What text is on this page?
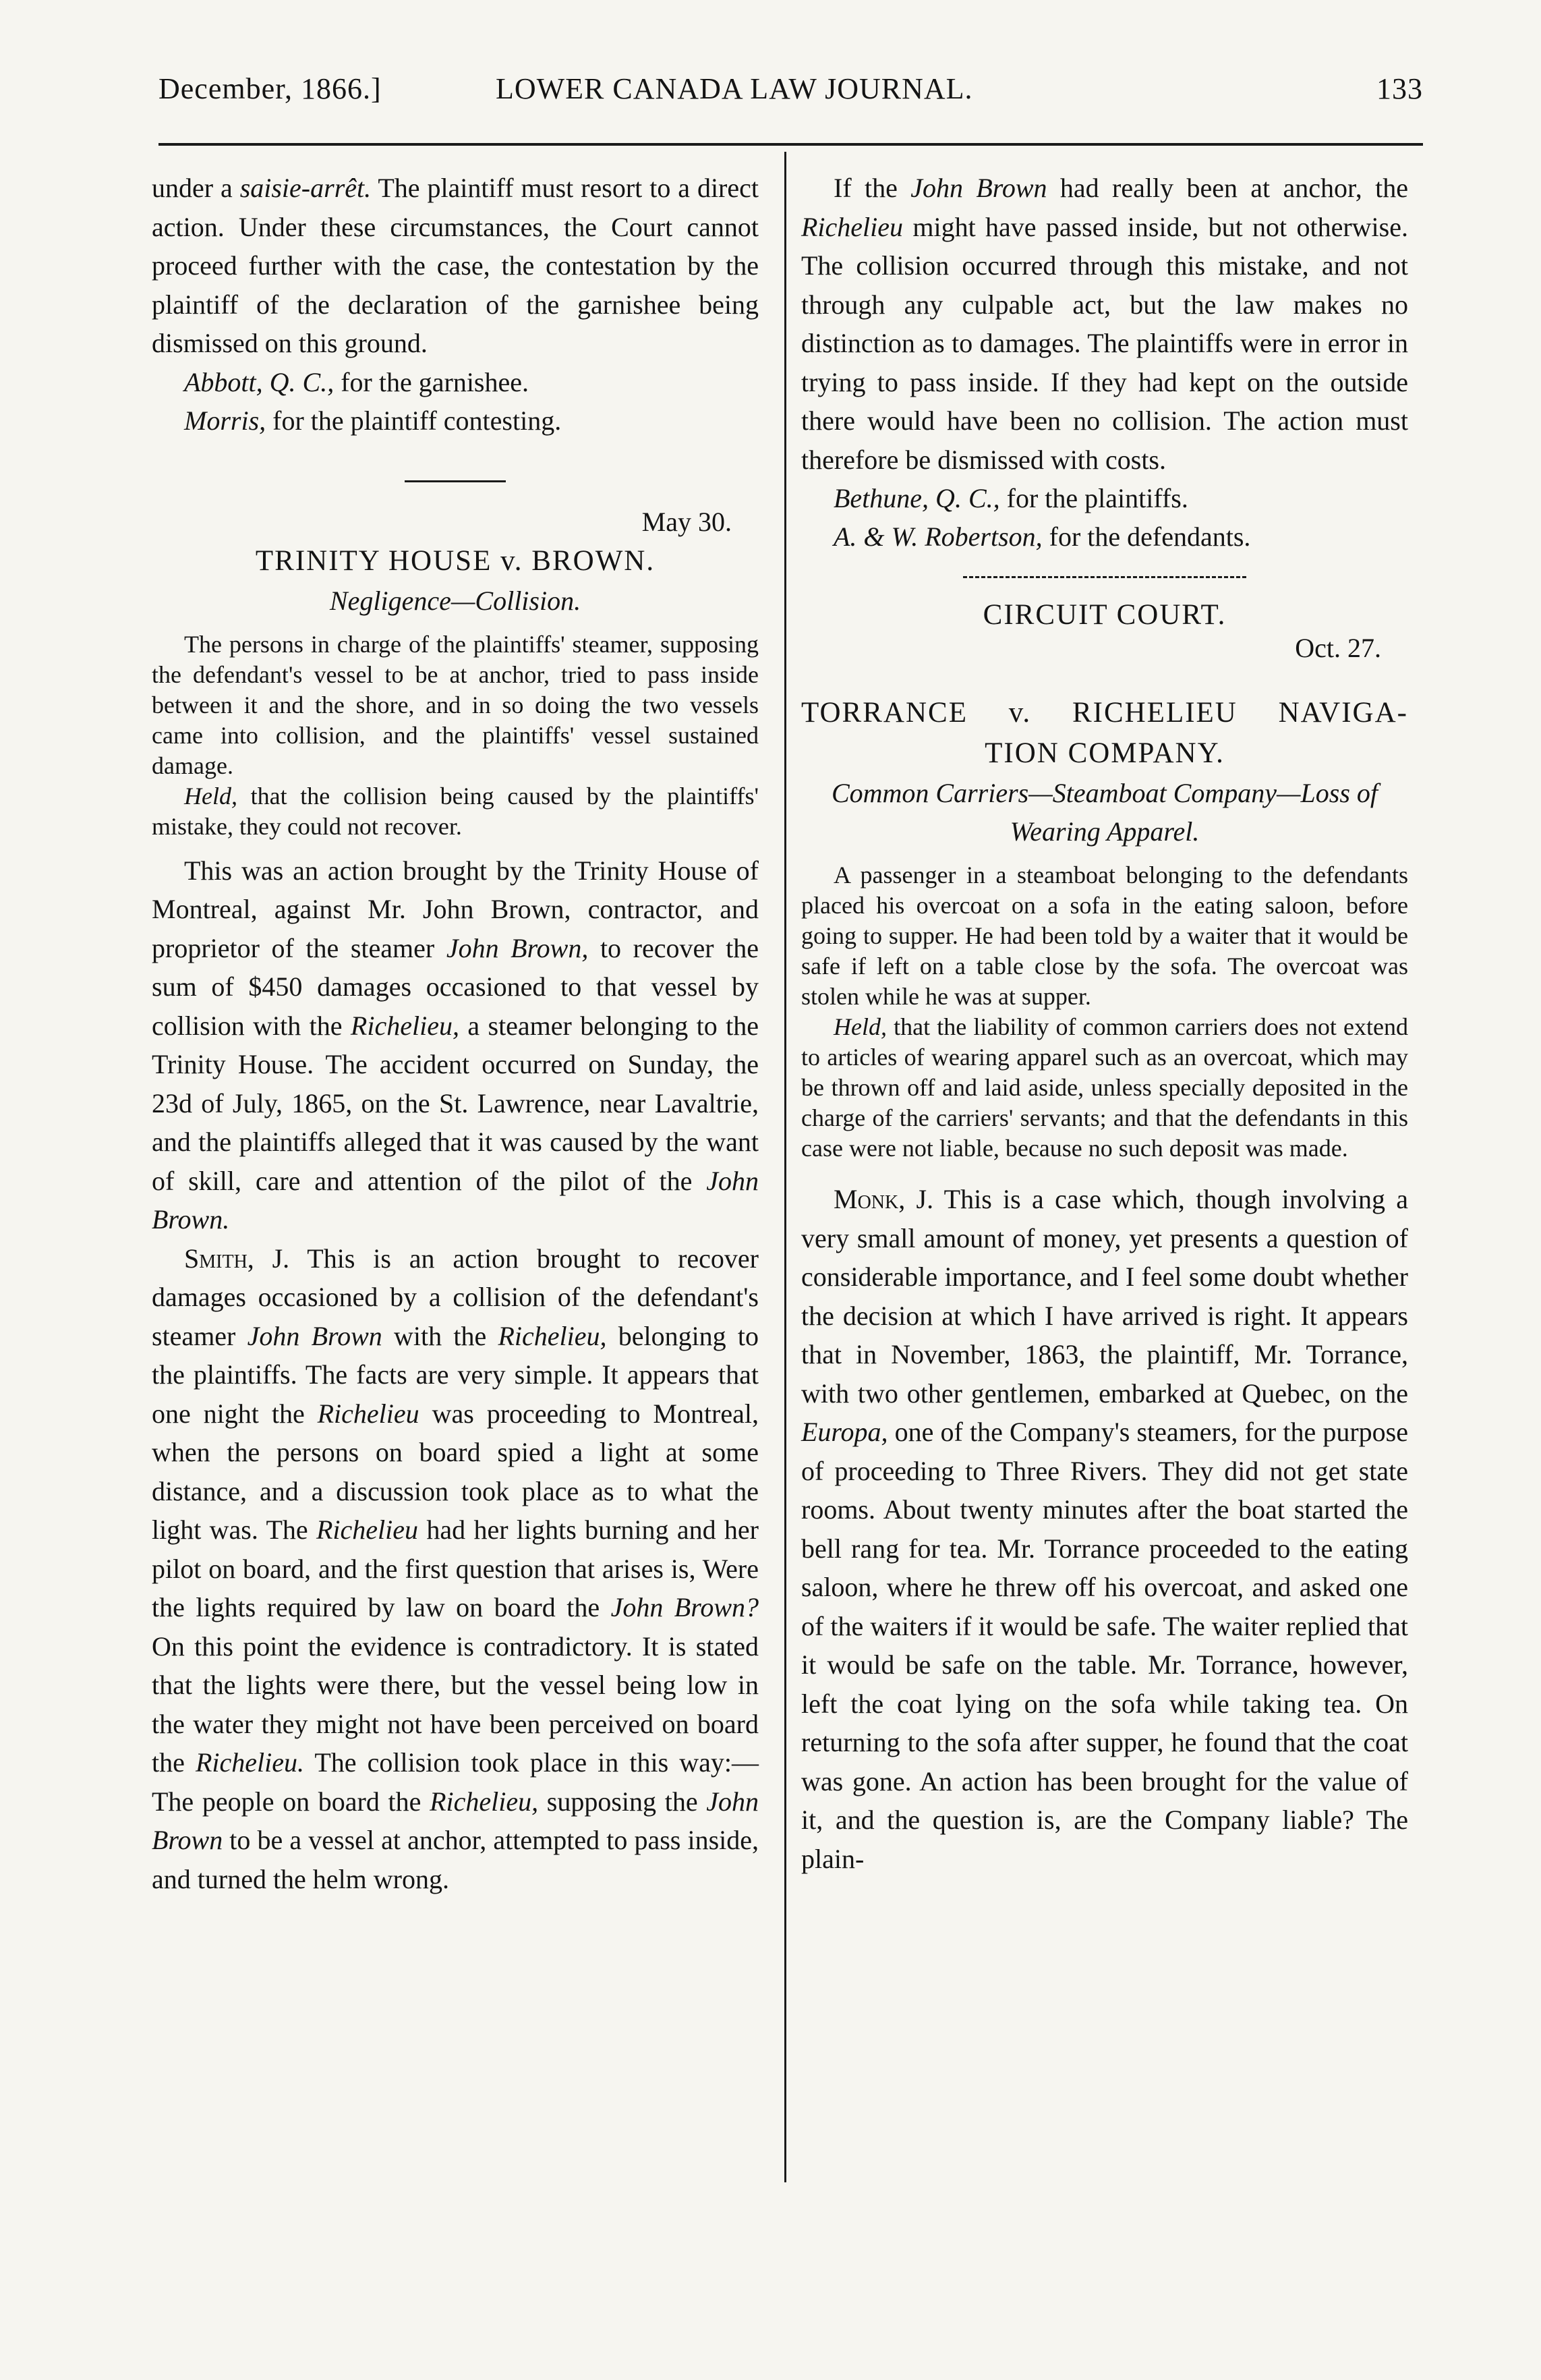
December, 1866.]	LOWER CANADA LAW JOURNAL.	133

under a saisie-arrêt. The plaintiff must resort to a direct action. Under these circumstances, the Court cannot proceed further with the case, the contestation by the plaintiff of the declaration of the garnishee being dismissed on this ground.

Abbott, Q. C., for the garnishee.

Morris, for the plaintiff contesting.

May 30.

TRINITY HOUSE v. BROWN.

Negligence—Collision.

The persons in charge of the plaintiffs' steamer, supposing the defendant's vessel to be at anchor, tried to pass inside between it and the shore, and in so doing the two vessels came into collision, and the plaintiffs' vessel sustained damage.

Held, that the collision being caused by the plaintiffs' mistake, they could not recover.

This was an action brought by the Trinity House of Montreal, against Mr. John Brown, contractor, and proprietor of the steamer John Brown, to recover the sum of $450 damages occasioned to that vessel by collision with the Richelieu, a steamer belonging to the Trinity House. The accident occurred on Sunday, the 23d of July, 1865, on the St. Lawrence, near Lavaltrie, and the plaintiffs alleged that it was caused by the want of skill, care and attention of the pilot of the John Brown.

Smith, J. This is an action brought to recover damages occasioned by a collision of the defendant's steamer John Brown with the Richelieu, belonging to the plaintiffs. The facts are very simple. It appears that one night the Richelieu was proceeding to Montreal, when the persons on board spied a light at some distance, and a discussion took place as to what the light was. The Richelieu had her lights burning and her pilot on board, and the first question that arises is, Were the lights required by law on board the John Brown? On this point the evidence is contradictory. It is stated that the lights were there, but the vessel being low in the water they might not have been perceived on board the Richelieu. The collision took place in this way:—The people on board the Richelieu, supposing the John Brown to be a vessel at anchor, attempted to pass inside, and turned the helm wrong.

If the John Brown had really been at anchor, the Richelieu might have passed inside, but not otherwise. The collision occurred through this mistake, and not through any culpable act, but the law makes no distinction as to damages. The plaintiffs were in error in trying to pass inside. If they had kept on the outside there would have been no collision. The action must therefore be dismissed with costs.

Bethune, Q. C., for the plaintiffs.

A. & W. Robertson, for the defendants.

CIRCUIT COURT.
Oct. 27.
TORRANCE v. RICHELIEU NAVIGA-

TION COMPANY.

Common Carriers—Steamboat Company—Loss of Wearing Apparel.

A passenger in a steamboat belonging to the defendants placed his overcoat on a sofa in the eating saloon, before going to supper. He had been told by a waiter that it would be safe if left on a table close by the sofa. The overcoat was stolen while he was at supper.

Held, that the liability of common carriers does not extend to articles of wearing apparel such as an overcoat, which may be thrown off and laid aside, unless specially deposited in the charge of the carriers' servants; and that the defendants in this case were not liable, because no such deposit was made.

Monk, J. This is a case which, though involving a very small amount of money, yet presents a question of considerable importance, and I feel some doubt whether the decision at which I have arrived is right. It appears that in November, 1863, the plaintiff, Mr. Torrance, with two other gentlemen, embarked at Quebec, on the Europa, one of the Company's steamers, for the purpose of proceeding to Three Rivers. They did not get state rooms. About twenty minutes after the boat started the bell rang for tea. Mr. Torrance proceeded to the eating saloon, where he threw off his overcoat, and asked one of the waiters if it would be safe. The waiter replied that it would be safe on the table. Mr. Torrance, however, left the coat lying on the sofa while taking tea. On returning to the sofa after supper, he found that the coat was gone. An action has been brought for the value of it, and the question is, are the Company liable? The plain-
